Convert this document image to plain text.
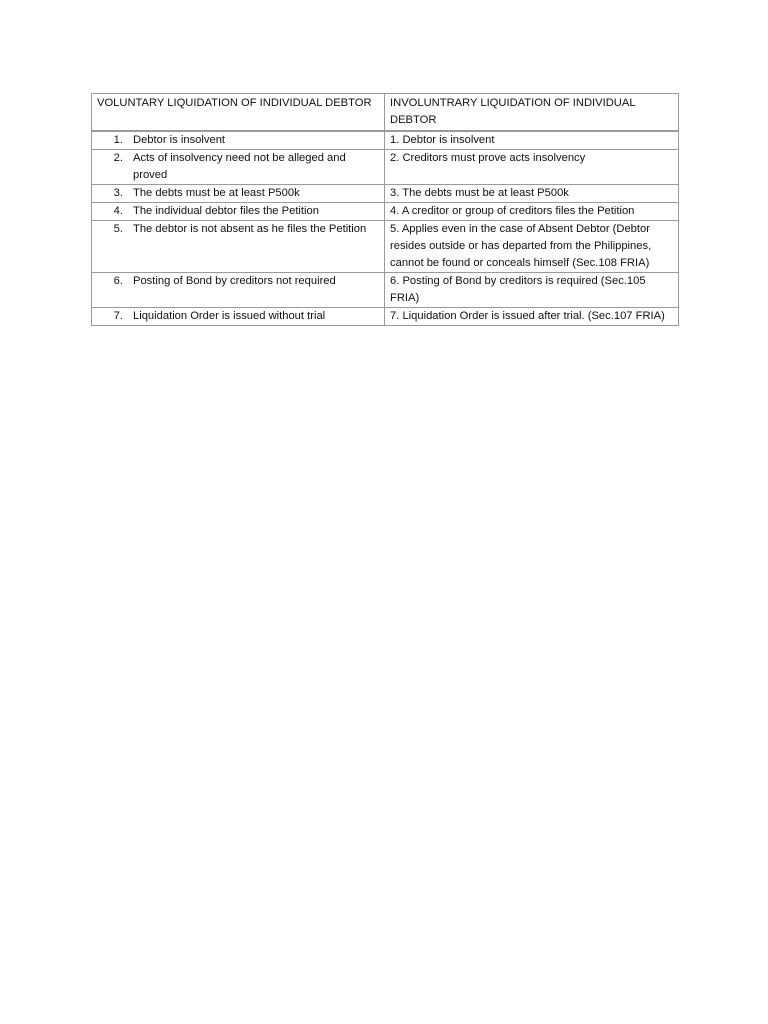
VOLUNTARY LIQUIDATION OF INDIVIDUAL DEBTOR	INVOLUNTRARY LIQUIDATION OF INDIVIDUAL DEBTOR

1. Debtor is insolvent	1. Debtor is insolvent

2. Acts of insolvency need not be alleged and proved	2. Creditors must prove acts insolvency

3. The debts must be at least P500k	3. The debts must be at least P500k

4. The individual debtor files the Petition	4. A creditor or group of creditors files the Petition

5. The debtor is not absent as he files the Petition	5. Applies even in the case of Absent Debtor (Debtor resides outside or has departed from the Philippines, cannot be found or conceals himself (Sec.108 FRIA)

6. Posting of Bond by creditors not required	6. Posting of Bond by creditors is required (Sec.105 FRIA)

7. Liquidation Order is issued without trial	7. Liquidation Order is issued after trial. (Sec.107 FRIA)
